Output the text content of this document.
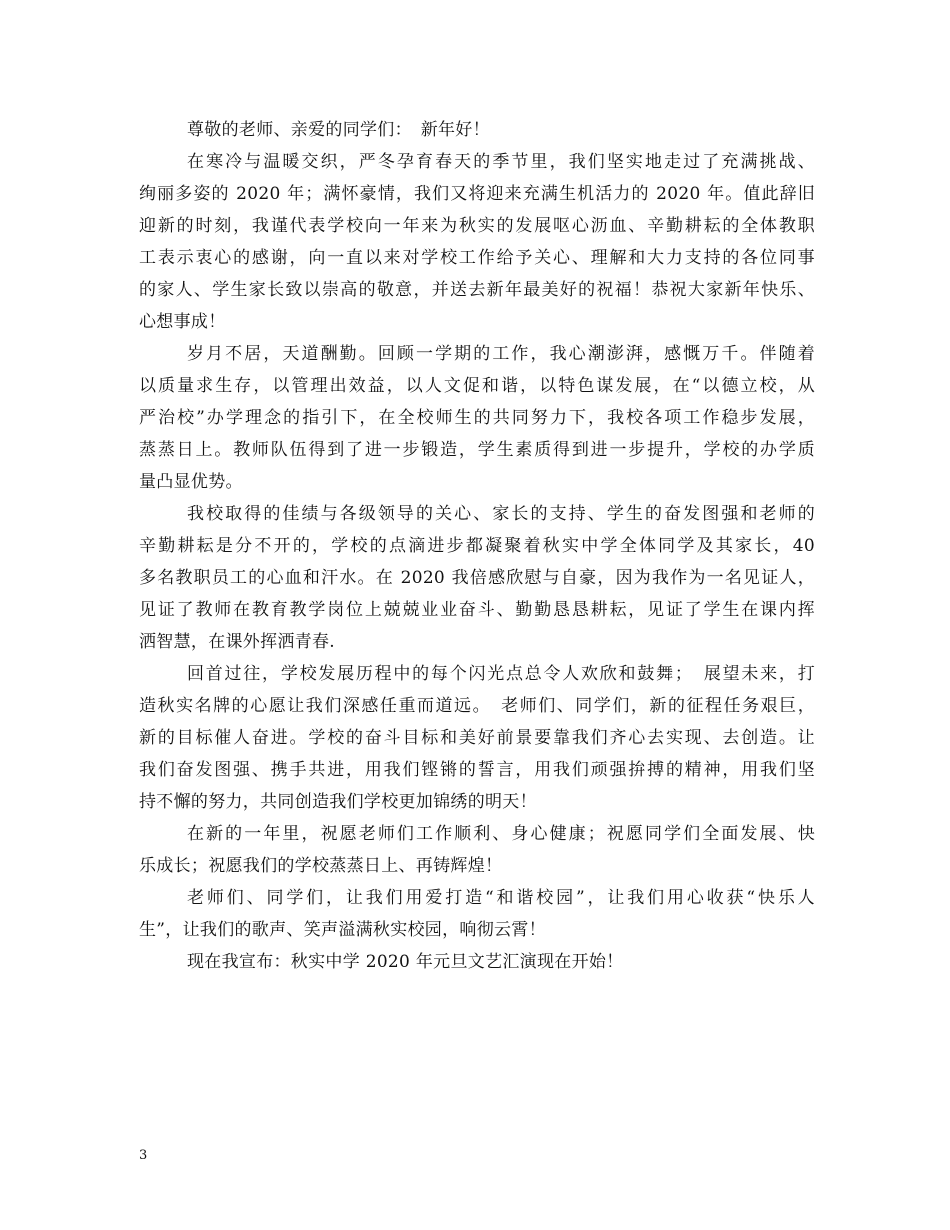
尊敬的老师、亲爱的同学们：　新年好！
在寒冷与温暖交织，严冬孕育春天的季节里，我们坚实地走过了充满挑战、
绚丽多姿的 2020 年；满怀豪情，我们又将迎来充满生机活力的 2020 年。值此辞旧
迎新的时刻，我谨代表学校向一年来为秋实的发展呕心沥血、辛勤耕耘的全体教职
工表示衷心的感谢，向一直以来对学校工作给予关心、理解和大力支持的各位同事
的家人、学生家长致以崇高的敬意，并送去新年最美好的祝福！恭祝大家新年快乐、
心想事成！
岁月不居，天道酬勤。回顾一学期的工作，我心潮澎湃，感慨万千。伴随着
以质量求生存，以管理出效益，以人文促和谐，以特色谋发展，在“以德立校，从
严治校”办学理念的指引下，在全校师生的共同努力下，我校各项工作稳步发展，
蒸蒸日上。教师队伍得到了进一步锻造，学生素质得到进一步提升，学校的办学质
量凸显优势。
我校取得的佳绩与各级领导的关心、家长的支持、学生的奋发图强和老师的
辛勤耕耘是分不开的，学校的点滴进步都凝聚着秋实中学全体同学及其家长，40
多名教职员工的心血和汗水。在 2020 我倍感欣慰与自豪，因为我作为一名见证人，
见证了教师在教育教学岗位上兢兢业业奋斗、勤勤恳恳耕耘，见证了学生在课内挥
洒智慧，在课外挥洒青春.
回首过往，学校发展历程中的每个闪光点总令人欢欣和鼓舞；　展望未来，打
造秋实名牌的心愿让我们深感任重而道远。　老师们、同学们，新的征程任务艰巨，
新的目标催人奋进。学校的奋斗目标和美好前景要靠我们齐心去实现、去创造。让
我们奋发图强、携手共进，用我们铿锵的誓言，用我们顽强拚搏的精神，用我们坚
持不懈的努力，共同创造我们学校更加锦绣的明天！
在新的一年里，祝愿老师们工作顺利、身心健康；祝愿同学们全面发展、快
乐成长；祝愿我们的学校蒸蒸日上、再铸辉煌！
老师们、同学们，让我们用爱打造“和谐校园”，让我们用心收获“快乐人
生”，让我们的歌声、笑声溢满秋实校园，响彻云霄！
现在我宣布：秋实中学 2020 年元旦文艺汇演现在开始！
3
